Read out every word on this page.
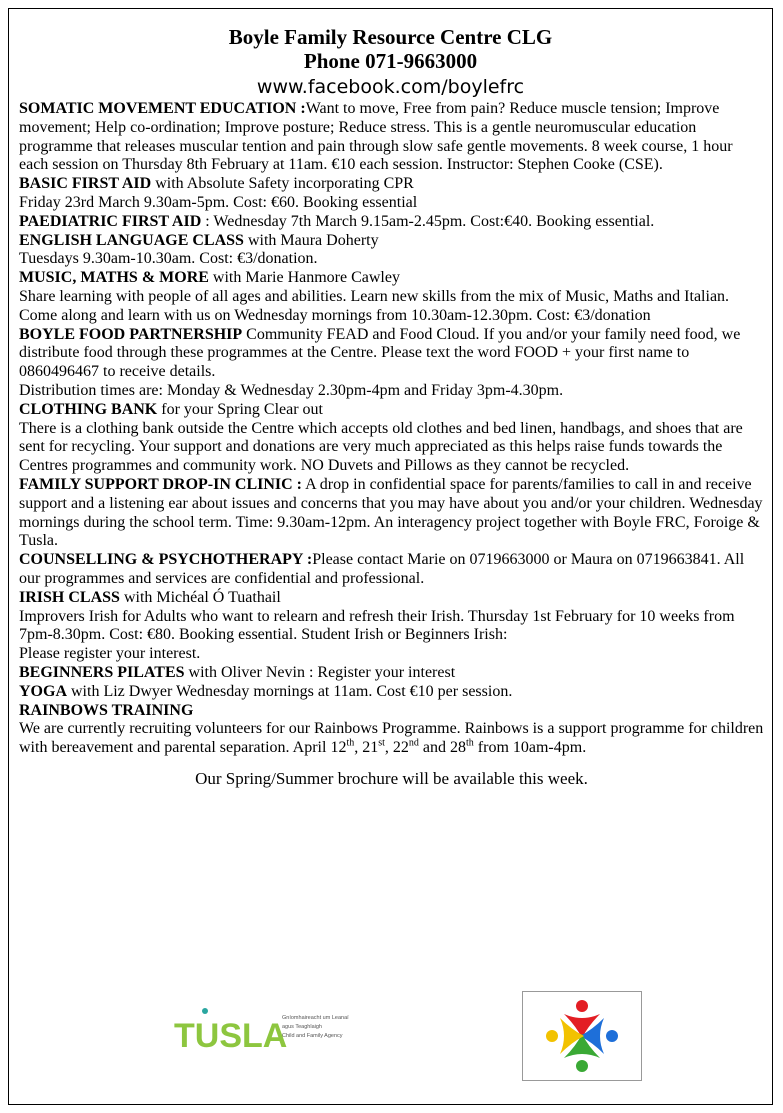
Boyle Family Resource Centre CLG
Phone 071-9663000
www.facebook.com/boylefrc

SOMATIC MOVEMENT EDUCATION :Want to move, Free from pain? Reduce muscle tension; Improve movement; Help co-ordination; Improve posture; Reduce stress. This is a gentle neuromuscular education programme that releases muscular tention and pain through slow safe gentle movements. 8 week course, 1 hour each session on Thursday 8th February at 11am. €10 each session. Instructor: Stephen Cooke (CSE).

BASIC FIRST AID with Absolute Safety incorporating CPR

Friday 23rd March 9.30am-5pm. Cost: €60. Booking essential

PAEDIATRIC FIRST AID : Wednesday 7th March 9.15am-2.45pm. Cost:€40. Booking essential.

ENGLISH LANGUAGE CLASS with Maura Doherty

Tuesdays 9.30am-10.30am. Cost: €3/donation.

MUSIC, MATHS & MORE with Marie Hanmore Cawley

Share learning with people of all ages and abilities. Learn new skills from the mix of Music, Maths and Italian. Come along and learn with us on Wednesday mornings from 10.30am-12.30pm. Cost: €3/donation

BOYLE FOOD PARTNERSHIP Community FEAD and Food Cloud. If you and/or your family need food, we distribute food through these programmes at the Centre. Please text the word FOOD + your first name to 0860496467 to receive details.

Distribution times are: Monday & Wednesday 2.30pm-4pm and Friday 3pm-4.30pm.

CLOTHING BANK for your Spring Clear out

There is a clothing bank outside the Centre which accepts old clothes and bed linen, handbags, and shoes that are sent for recycling. Your support and donations are very much appreciated as this helps raise funds towards the Centres programmes and community work. NO Duvets and Pillows as they cannot be recycled.

FAMILY SUPPORT DROP-IN CLINIC : A drop in confidential space for parents/families to call in and receive support and a listening ear about issues and concerns that you may have about you and/or your children. Wednesday mornings during the school term. Time: 9.30am-12pm. An interagency project together with Boyle FRC, Foroige & Tusla.

COUNSELLING & PSYCHOTHERAPY :Please contact Marie on 0719663000 or Maura on 0719663841. All our programmes and services are confidential and professional.

IRISH CLASS with Michéal Ó Tuathail

Improvers Irish for Adults who want to relearn and refresh their Irish. Thursday 1st February for 10 weeks from 7pm-8.30pm. Cost: €80. Booking essential. Student Irish or Beginners Irish:

Please register your interest.

BEGINNERS PILATES with Oliver Nevin : Register your interest

YOGA with Liz Dwyer Wednesday mornings at 11am. Cost €10 per session.

RAINBOWS TRAINING

We are currently recruiting volunteers for our Rainbows Programme. Rainbows is a support programme for children with bereavement and parental separation. April 12th, 21st, 22nd and 28th from 10am-4pm.

Our Spring/Summer brochure will be available this week.
TUSLA
Gníomhaireacht um Leanaí
agus Teaghlaigh
Child and Family Agency
